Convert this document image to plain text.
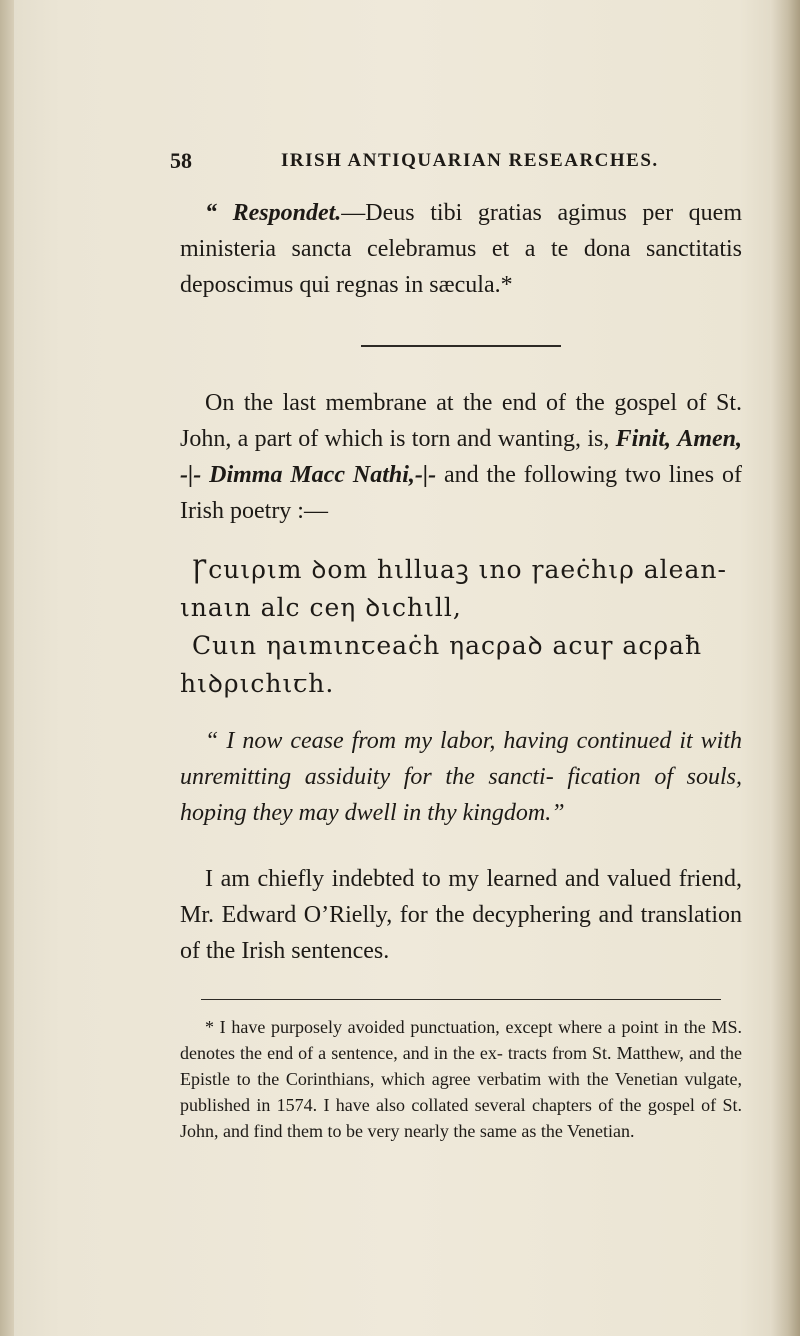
58	IRISH ANTIQUARIAN RESEARCHES.

“ Respondet.—Deus tibi gratias agimus per quem ministeria sancta celebramus et a te dona sanctitatis deposcimus qui regnas in sæcula.*

On the last membrane at the end of the gospel of St. John, a part of which is torn and wanting, is, Finit, Amen, ‐|‐ Dimma Macc Nathi,‐|‐ and the following two lines of Irish poetry :—

Ꞅcuιριm ꝺom hιlluaꝫ ιnο ꞅaeċhιρ alean-

ιnaιn alc ceη ꝺιchιll,

Cuιn ηaιmιnꞇeaċh ηacρaꝺ acuꞅ acρaħ

hιꝺριchιꞇh.

“ I now cease from my labor, having continued it with unremitting assiduity for the sancti- fication of souls, hoping they may dwell in thy kingdom.”

I am chiefly indebted to my learned and valued friend, Mr. Edward O’Rielly, for the decyphering and translation of the Irish sentences.

* I have purposely avoided punctuation, except where a point in the MS. denotes the end of a sentence, and in the ex- tracts from St. Matthew, and the Epistle to the Corinthians, which agree verbatim with the Venetian vulgate, published in 1574. I have also collated several chapters of the gospel of St. John, and find them to be very nearly the same as the Venetian.
